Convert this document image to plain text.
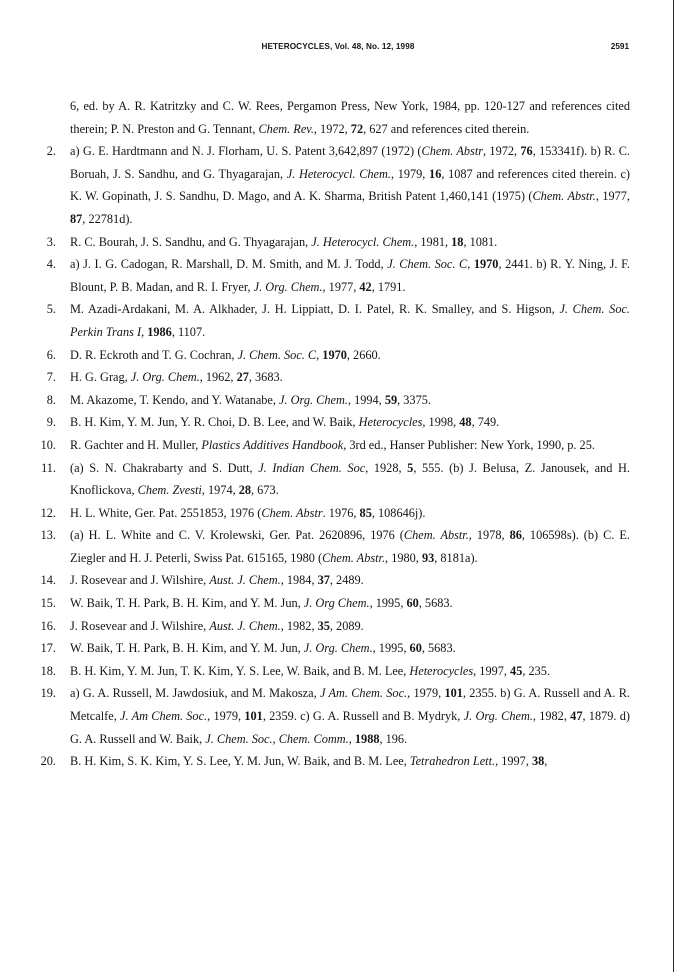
HETEROCYCLES, Vol. 48, No. 12, 1998	2591
6, ed. by A. R. Katritzky and C. W. Rees, Pergamon Press, New York, 1984, pp. 120-127 and references cited therein; P. N. Preston and G. Tennant, Chem. Rev., 1972, 72, 627 and references cited therein.
2. a) G. E. Hardtmann and N. J. Florham, U. S. Patent 3,642,897 (1972) (Chem. Abstr, 1972, 76, 153341f). b) R. C. Boruah, J. S. Sandhu, and G. Thyagarajan, J. Heterocycl. Chem., 1979, 16, 1087 and references cited therein. c) K. W. Gopinath, J. S. Sandhu, D. Mago, and A. K. Sharma, British Patent 1,460,141 (1975) (Chem. Abstr., 1977, 87, 22781d).
3. R. C. Bourah, J. S. Sandhu, and G. Thyagarajan, J. Heterocycl. Chem., 1981, 18, 1081.
4. a) J. I. G. Cadogan, R. Marshall, D. M. Smith, and M. J. Todd, J. Chem. Soc. C, 1970, 2441. b) R. Y. Ning, J. F. Blount, P. B. Madan, and R. I. Fryer, J. Org. Chem., 1977, 42, 1791.
5. M. Azadi-Ardakani, M. A. Alkhader, J. H. Lippiatt, D. I. Patel, R. K. Smalley, and S. Higson, J. Chem. Soc. Perkin Trans I, 1986, 1107.
6. D. R. Eckroth and T. G. Cochran, J. Chem. Soc. C, 1970, 2660.
7. H. G. Grag, J. Org. Chem., 1962, 27, 3683.
8. M. Akazome, T. Kendo, and Y. Watanabe, J. Org. Chem., 1994, 59, 3375.
9. B. H. Kim, Y. M. Jun, Y. R. Choi, D. B. Lee, and W. Baik, Heterocycles, 1998, 48, 749.
10. R. Gachter and H. Muller, Plastics Additives Handbook, 3rd ed., Hanser Publisher: New York, 1990, p. 25.
11. (a) S. N. Chakrabarty and S. Dutt, J. Indian Chem. Soc, 1928, 5, 555. (b) J. Belusa, Z. Janousek, and H. Knoflickova, Chem. Zvesti, 1974, 28, 673.
12. H. L. White, Ger. Pat. 2551853, 1976 (Chem. Abstr. 1976, 85, 108646j).
13. (a) H. L. White and C. V. Krolewski, Ger. Pat. 2620896, 1976 (Chem. Abstr., 1978, 86, 106598s). (b) C. E. Ziegler and H. J. Peterli, Swiss Pat. 615165, 1980 (Chem. Abstr., 1980, 93, 8181a).
14. J. Rosevear and J. Wilshire, Aust. J. Chem., 1984, 37, 2489.
15. W. Baik, T. H. Park, B. H. Kim, and Y. M. Jun, J. Org Chem., 1995, 60, 5683.
16. J. Rosevear and J. Wilshire, Aust. J. Chem., 1982, 35, 2089.
17. W. Baik, T. H. Park, B. H. Kim, and Y. M. Jun, J. Org. Chem., 1995, 60, 5683.
18. B. H. Kim, Y. M. Jun, T. K. Kim, Y. S. Lee, W. Baik, and B. M. Lee, Heterocycles, 1997, 45, 235.
19. a) G. A. Russell, M. Jawdosiuk, and M. Makosza, J Am. Chem. Soc., 1979, 101, 2355. b) G. A. Russell and A. R. Metcalfe, J. Am Chem. Soc., 1979, 101, 2359. c) G. A. Russell and B. Mydryk, J. Org. Chem., 1982, 47, 1879. d) G. A. Russell and W. Baik, J. Chem. Soc., Chem. Comm., 1988, 196.
20. B. H. Kim, S. K. Kim, Y. S. Lee, Y. M. Jun, W. Baik, and B. M. Lee, Tetrahedron Lett., 1997, 38,
